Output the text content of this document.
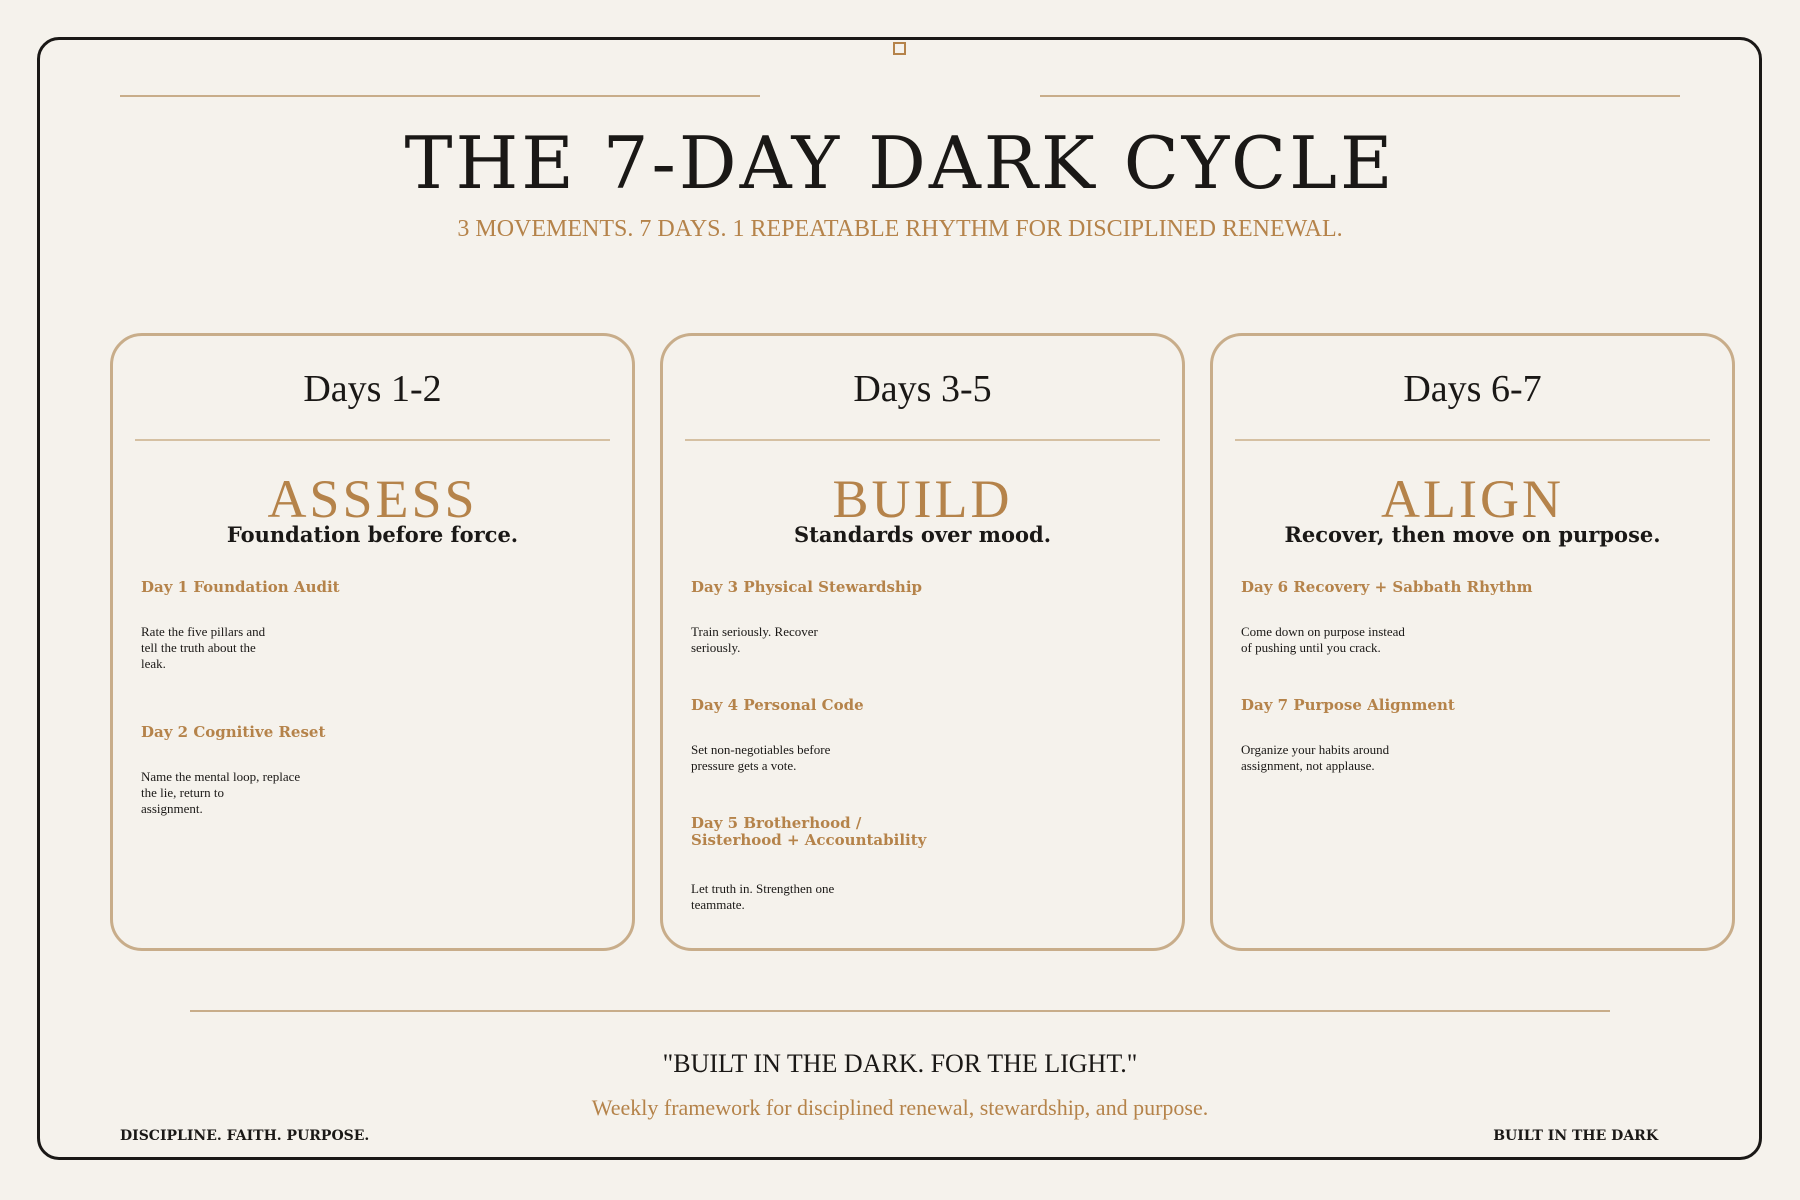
THE 7-DAY DARK CYCLE
3 MOVEMENTS. 7 DAYS. 1 REPEATABLE RHYTHM FOR DISCIPLINED RENEWAL.
Days 1-2
ASSESS
Foundation before force.
Day 1 Foundation Audit
Rate the five pillars and
tell the truth about the
leak.
Day 2 Cognitive Reset
Name the mental loop, replace
the lie, return to
assignment.
Days 3-5
BUILD
Standards over mood.
Day 3 Physical Stewardship
Train seriously. Recover
seriously.
Day 4 Personal Code
Set non-negotiables before
pressure gets a vote.
Day 5 Brotherhood /
Sisterhood + Accountability
Let truth in. Strengthen one
teammate.
Days 6-7
ALIGN
Recover, then move on purpose.
Day 6 Recovery + Sabbath Rhythm
Come down on purpose instead
of pushing until you crack.
Day 7 Purpose Alignment
Organize your habits around
assignment, not applause.
"BUILT IN THE DARK. FOR THE LIGHT."
Weekly framework for disciplined renewal, stewardship, and purpose.
DISCIPLINE. FAITH. PURPOSE.	BUILT IN THE DARK
